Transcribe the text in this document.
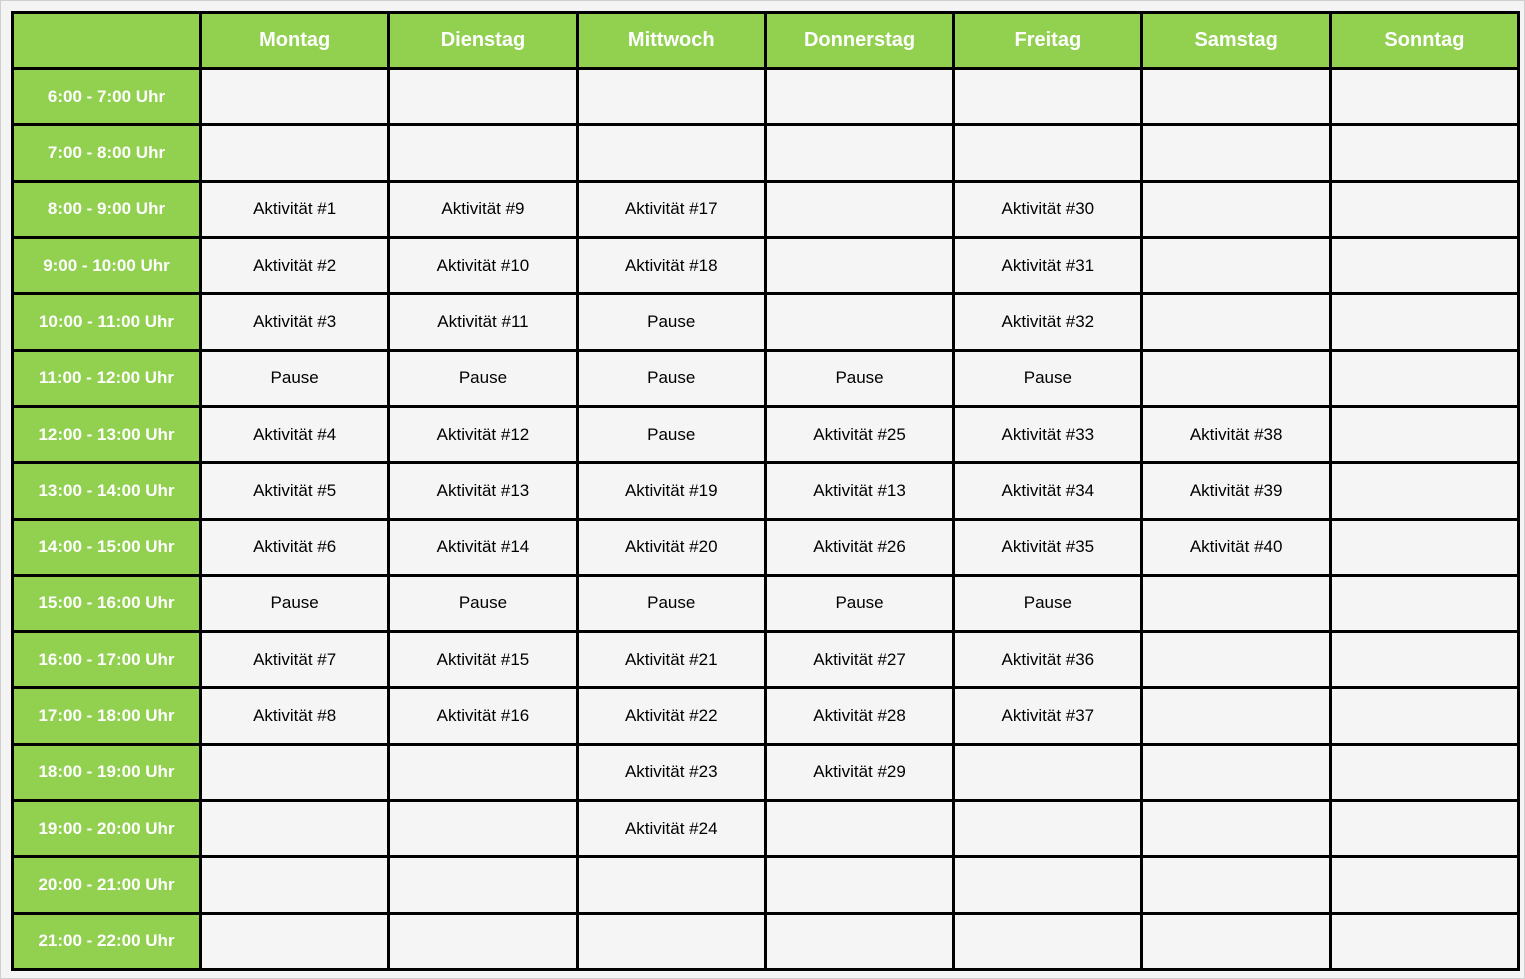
	Montag	Dienstag	Mittwoch	Donnerstag	Freitag	Samstag	Sonntag
6:00 - 7:00 Uhr							
7:00 - 8:00 Uhr							
8:00 - 9:00 Uhr	Aktivität #1	Aktivität #9	Aktivität #17		Aktivität #30		
9:00 - 10:00 Uhr	Aktivität #2	Aktivität #10	Aktivität #18		Aktivität #31		
10:00 - 11:00 Uhr	Aktivität #3	Aktivität #11	Pause		Aktivität #32		
11:00 - 12:00 Uhr	Pause	Pause	Pause	Pause	Pause		
12:00 - 13:00 Uhr	Aktivität #4	Aktivität #12	Pause	Aktivität #25	Aktivität #33	Aktivität #38	
13:00 - 14:00 Uhr	Aktivität #5	Aktivität #13	Aktivität #19	Aktivität #13	Aktivität #34	Aktivität #39	
14:00 - 15:00 Uhr	Aktivität #6	Aktivität #14	Aktivität #20	Aktivität #26	Aktivität #35	Aktivität #40	
15:00 - 16:00 Uhr	Pause	Pause	Pause	Pause	Pause		
16:00 - 17:00 Uhr	Aktivität #7	Aktivität #15	Aktivität #21	Aktivität #27	Aktivität #36		
17:00 - 18:00 Uhr	Aktivität #8	Aktivität #16	Aktivität #22	Aktivität #28	Aktivität #37		
18:00 - 19:00 Uhr			Aktivität #23	Aktivität #29			
19:00 - 20:00 Uhr			Aktivität #24				
20:00 - 21:00 Uhr							
21:00 - 22:00 Uhr							
